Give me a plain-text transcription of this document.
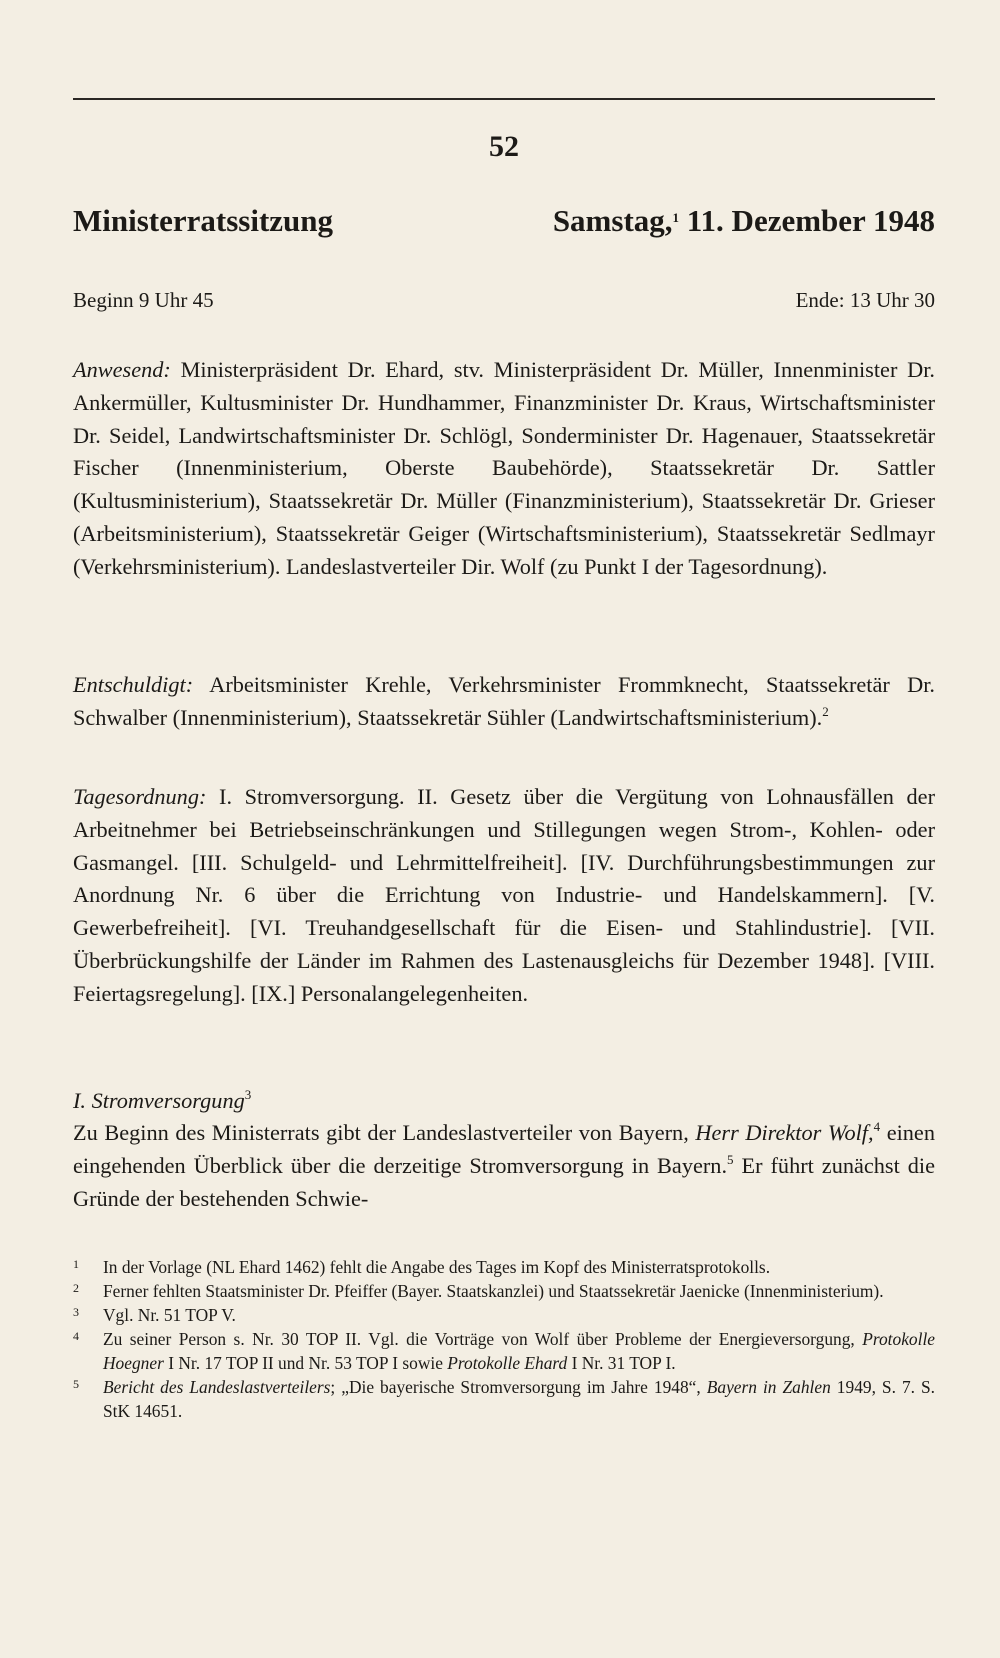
52
Ministerratssitzung	Samstag,$^1$ 11. Dezember 1948
Beginn 9 Uhr 45	Ende: 13 Uhr 30

Anwesend: Ministerpräsident Dr. Ehard, stv. Ministerpräsident Dr. Müller, Innenminister Dr. Ankermüller, Kultusminister Dr. Hundhammer, Finanzminister Dr. Kraus, Wirtschaftsminister Dr. Seidel, Landwirtschaftsminister Dr. Schlögl, Sonderminister Dr. Hagenauer, Staatssekretär Fischer (Innenministerium, Oberste Baubehörde), Staatssekretär Dr. Sattler (Kultusministerium), Staatssekretär Dr. Müller (Finanzministerium), Staatssekretär Dr. Grieser (Arbeitsministerium), Staatssekretär Geiger (Wirtschaftsministerium), Staatssekretär Sedlmayr (Verkehrsministerium). Landeslastverteiler Dir. Wolf (zu Punkt I der Tagesordnung).

Entschuldigt: Arbeitsminister Krehle, Verkehrsminister Frommknecht, Staatssekretär Dr. Schwalber (Innenministerium), Staatssekretär Sühler (Landwirtschaftsministerium).$^2$

Tagesordnung: I. Stromversorgung. II. Gesetz über die Vergütung von Lohnausfällen der Arbeitnehmer bei Betriebseinschränkungen und Stillegungen wegen Strom-, Kohlen- oder Gasmangel. [III. Schulgeld- und Lehrmittelfreiheit]. [IV. Durchführungsbestimmungen zur Anordnung Nr. 6 über die Errichtung von Industrie- und Handelskammern]. [V. Gewerbefreiheit]. [VI. Treuhandgesellschaft für die Eisen- und Stahlindustrie]. [VII. Überbrückungshilfe der Länder im Rahmen des Lastenausgleichs für Dezember 1948]. [VIII. Feiertagsregelung]. [IX.] Personalangelegenheiten.

I. Stromversorgung$^3$

Zu Beginn des Ministerrats gibt der Landeslastverteiler von Bayern, Herr Direktor Wolf,$^4$ einen eingehenden Überblick über die derzeitige Stromversorgung in Bayern.$^5$ Er führt zunächst die Gründe der bestehenden Schwie-

1	In der Vorlage (NL Ehard 1462) fehlt die Angabe des Tages im Kopf des Ministerratsprotokolls.

2	Ferner fehlten Staatsminister Dr. Pfeiffer (Bayer. Staatskanzlei) und Staatssekretär Jaenicke (Innenministerium).

3	Vgl. Nr. 51 TOP V.

4	Zu seiner Person s. Nr. 30 TOP II. Vgl. die Vorträge von Wolf über Probleme der Energieversorgung, Protokolle Hoegner I Nr. 17 TOP II und Nr. 53 TOP I sowie Protokolle Ehard I Nr. 31 TOP I.

5	Bericht des Landeslastverteilers; „Die bayerische Stromversorgung im Jahre 1948“, Bayern in Zahlen 1949, S. 7. S. StK 14651.
